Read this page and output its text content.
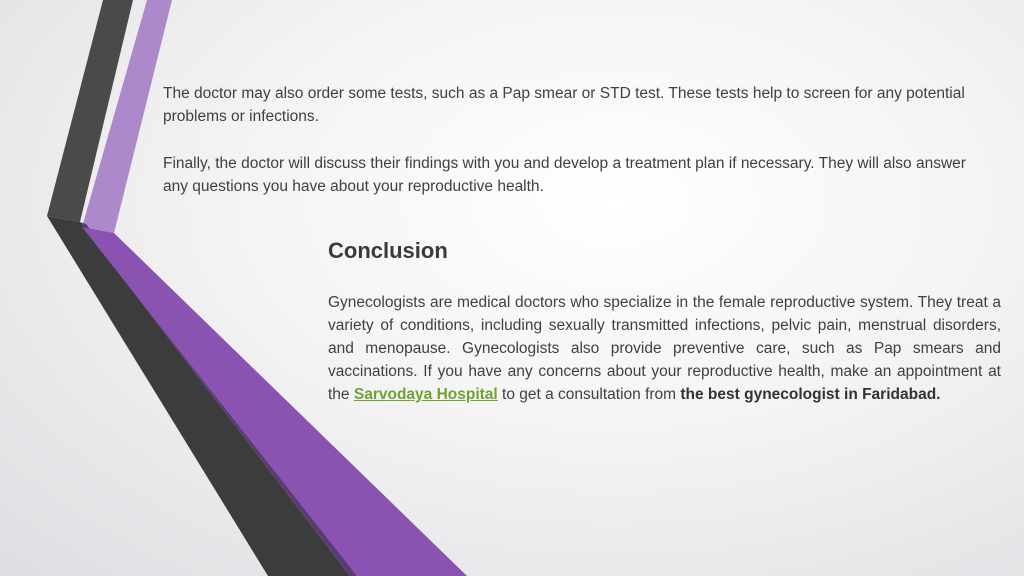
The doctor may also order some tests, such as a Pap smear or STD test. These tests help to screen for any potential problems or infections.
Finally, the doctor will discuss their findings with you and develop a treatment plan if necessary. They will also answer any questions you have about your reproductive health.
Conclusion
Gynecologists are medical doctors who specialize in the female reproductive system. They treat a variety of conditions, including sexually transmitted infections, pelvic pain, menstrual disorders, and menopause. Gynecologists also provide preventive care, such as Pap smears and vaccinations. If you have any concerns about your reproductive health, make an appointment at the Sarvodaya Hospital to get a consultation from the best gynecologist in Faridabad.
